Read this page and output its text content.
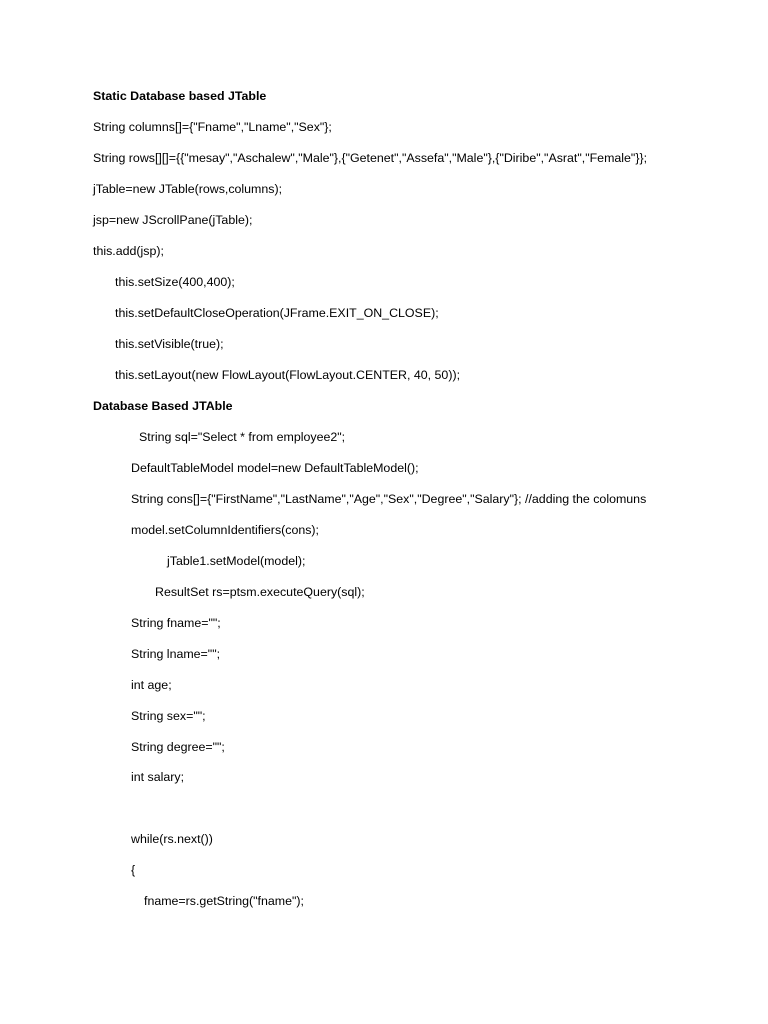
Static Database based JTable
String columns[]={"Fname","Lname","Sex"};
String rows[][]={{"mesay","Aschalew","Male"},{"Getenet","Assefa","Male"},{"Diribe","Asrat","Female"}};
jTable=new JTable(rows,columns);
jsp=new JScrollPane(jTable);
this.add(jsp);
this.setSize(400,400);
this.setDefaultCloseOperation(JFrame.EXIT_ON_CLOSE);
this.setVisible(true);
this.setLayout(new FlowLayout(FlowLayout.CENTER, 40, 50));
Database Based JTAble
String sql="Select * from employee2";
DefaultTableModel model=new DefaultTableModel();
String cons[]={"FirstName","LastName","Age","Sex","Degree","Salary"}; //adding the colomuns
model.setColumnIdentifiers(cons);
jTable1.setModel(model);
ResultSet rs=ptsm.executeQuery(sql);
String fname="";
String lname="";
int age;
String sex="";
String degree="";
int salary;
while(rs.next())
{
fname=rs.getString("fname");
